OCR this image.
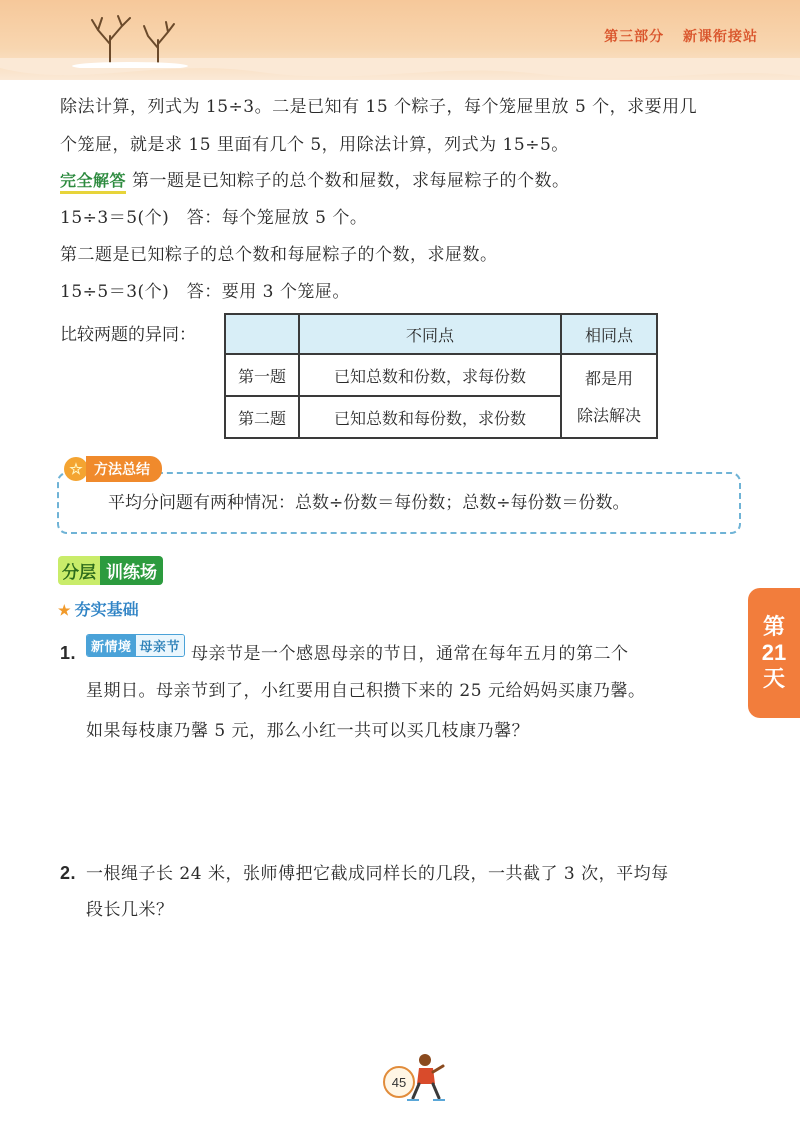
第三部分 新课衔接站
除法计算，列式为 15÷3。二是已知有 15 个粽子，每个笼屉里放 5 个，求要用几
个笼屉，就是求 15 里面有几个 5，用除法计算，列式为 15÷5。
完全解答 第一题是已知粽子的总个数和屉数，求每屉粽子的个数。
15÷3＝5(个)　答：每个笼屉放 5 个。
第二题是已知粽子的总个数和每屉粽子的个数，求屉数。
15÷5＝3(个)　答：要用 3 个笼屉。
比较两题的异同：
		不同点	相同点
第一题	已知总数和份数，求每份数	都是用
除法解决

第二题	已知总数和每份数，求份数	
☆ 方法总结
平均分问题有两种情况：总数÷份数＝每份数；总数÷每份数＝份数。
分层 训练场
★ 夯实基础
1. 新情境 母亲节 母亲节是一个感恩母亲的节日，通常在每年五月的第二个
星期日。母亲节到了，小红要用自己积攒下来的 25 元给妈妈买康乃馨。
如果每枝康乃馨 5 元，那么小红一共可以买几枝康乃馨？
2. 一根绳子长 24 米，张师傅把它截成同样长的几段，一共截了 3 次，平均每
段长几米？
第
21
天
45
